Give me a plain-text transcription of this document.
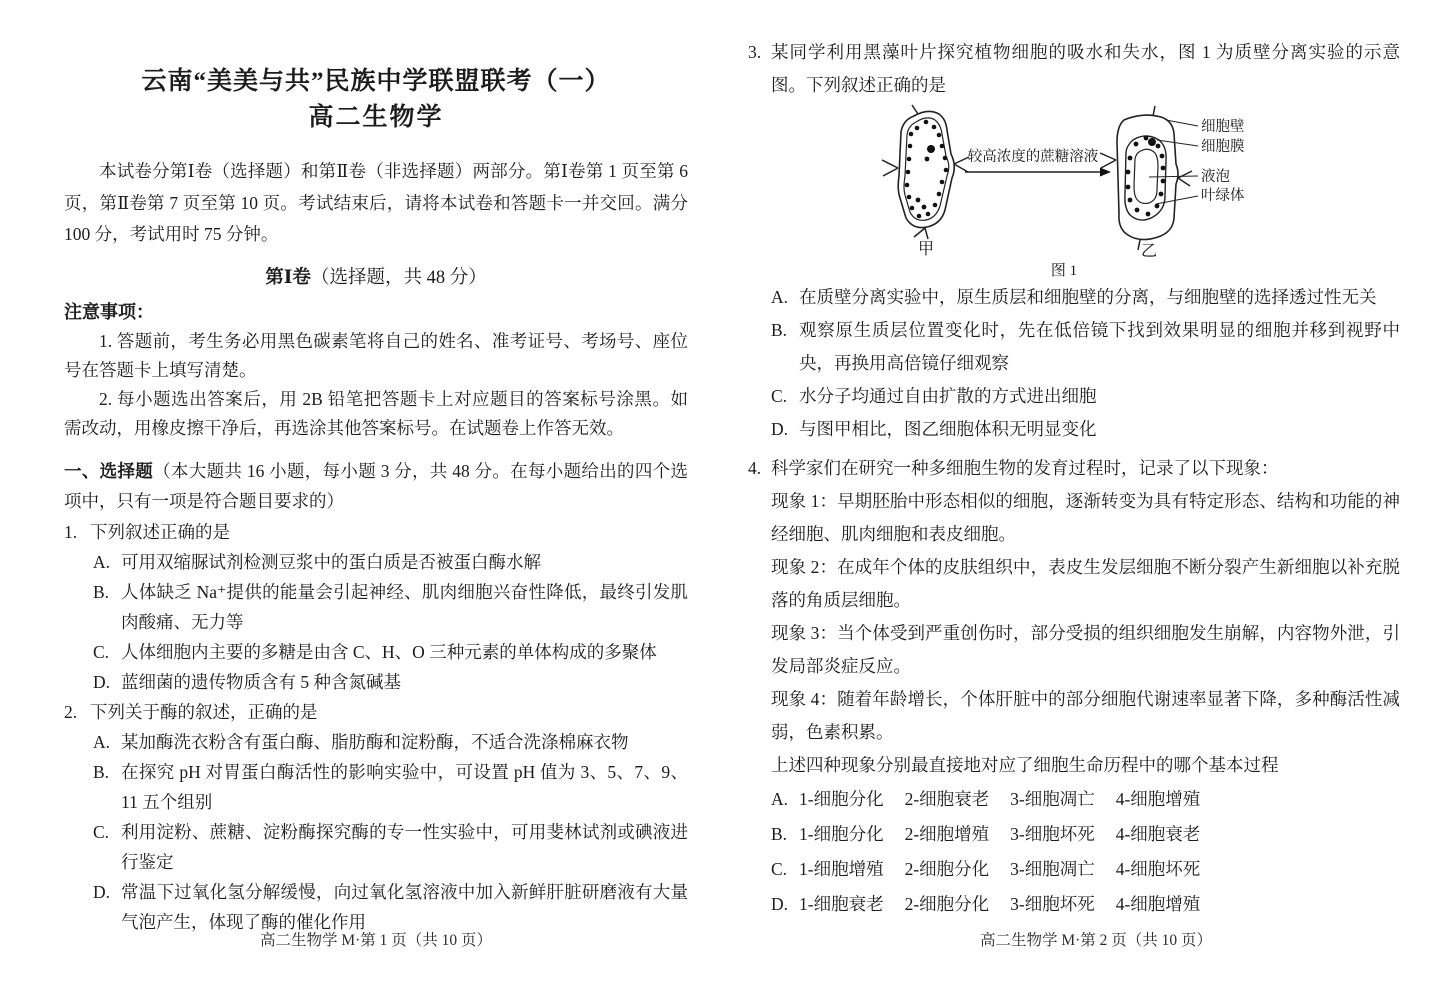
云南“美美与共”民族中学联盟联考（一）
高二生物学

本试卷分第Ⅰ卷（选择题）和第Ⅱ卷（非选择题）两部分。第Ⅰ卷第 1 页至第 6 页，第Ⅱ卷第 7 页至第 10 页。考试结束后，请将本试卷和答题卡一并交回。满分 100 分，考试用时 75 分钟。

第Ⅰ卷（选择题，共 48 分）
注意事项：

1. 答题前，考生务必用黑色碳素笔将自己的姓名、准考证号、考场号、座位号在答题卡上填写清楚。

2. 每小题选出答案后，用 2B 铅笔把答题卡上对应题目的答案标号涂黑。如需改动，用橡皮擦干净后，再选涂其他答案标号。在试题卷上作答无效。

一、选择题（本大题共 16 小题，每小题 3 分，共 48 分。在每小题给出的四个选项中，只有一项是符合题目要求的）
1. 下列叙述正确的是
A. 可用双缩脲试剂检测豆浆中的蛋白质是否被蛋白酶水解
B. 人体缺乏 Na⁺提供的能量会引起神经、肌肉细胞兴奋性降低，最终引发肌肉酸痛、无力等
C. 人体细胞内主要的多糖是由含 C、H、O 三种元素的单体构成的多聚体
D. 蓝细菌的遗传物质含有 5 种含氮碱基
2. 下列关于酶的叙述，正确的是
A. 某加酶洗衣粉含有蛋白酶、脂肪酶和淀粉酶，不适合洗涤棉麻衣物
B. 在探究 pH 对胃蛋白酶活性的影响实验中，可设置 pH 值为 3、5、7、9、11 五个组别
C. 利用淀粉、蔗糖、淀粉酶探究酶的专一性实验中，可用斐林试剂或碘液进行鉴定
D. 常温下过氧化氢分解缓慢，向过氧化氢溶液中加入新鲜肝脏研磨液有大量气泡产生，体现了酶的催化作用
3. 某同学利用黑藻叶片探究植物细胞的吸水和失水，图 1 为质壁分离实验的示意图。下列叙述正确的是
甲
较高浓度的蔗糖溶液
乙
细胞壁
细胞膜
液泡
叶绿体
图 1
A. 在质壁分离实验中，原生质层和细胞壁的分离，与细胞壁的选择透过性无关
B. 观察原生质层位置变化时，先在低倍镜下找到效果明显的细胞并移到视野中央，再换用高倍镜仔细观察
C. 水分子均通过自由扩散的方式进出细胞
D. 与图甲相比，图乙细胞体积无明显变化
4. 科学家们在研究一种多细胞生物的发育过程时，记录了以下现象：

现象 1：早期胚胎中形态相似的细胞，逐渐转变为具有特定形态、结构和功能的神经细胞、肌肉细胞和表皮细胞。

现象 2：在成年个体的皮肤组织中，表皮生发层细胞不断分裂产生新细胞以补充脱落的角质层细胞。

现象 3：当个体受到严重创伤时，部分受损的组织细胞发生崩解，内容物外泄，引发局部炎症反应。

现象 4：随着年龄增长，个体肝脏中的部分细胞代谢速率显著下降，多种酶活性减弱，色素积累。

上述四种现象分别最直接地对应了细胞生命历程中的哪个基本过程
A. 1-细胞分化 2-细胞衰老 3-细胞凋亡 4-细胞增殖
B. 1-细胞分化 2-细胞增殖 3-细胞坏死 4-细胞衰老
C. 1-细胞增殖 2-细胞分化 3-细胞凋亡 4-细胞坏死
D. 1-细胞衰老 2-细胞分化 3-细胞坏死 4-细胞增殖
高二生物学 M·第 1 页（共 10 页）	高二生物学 M·第 2 页（共 10 页）
